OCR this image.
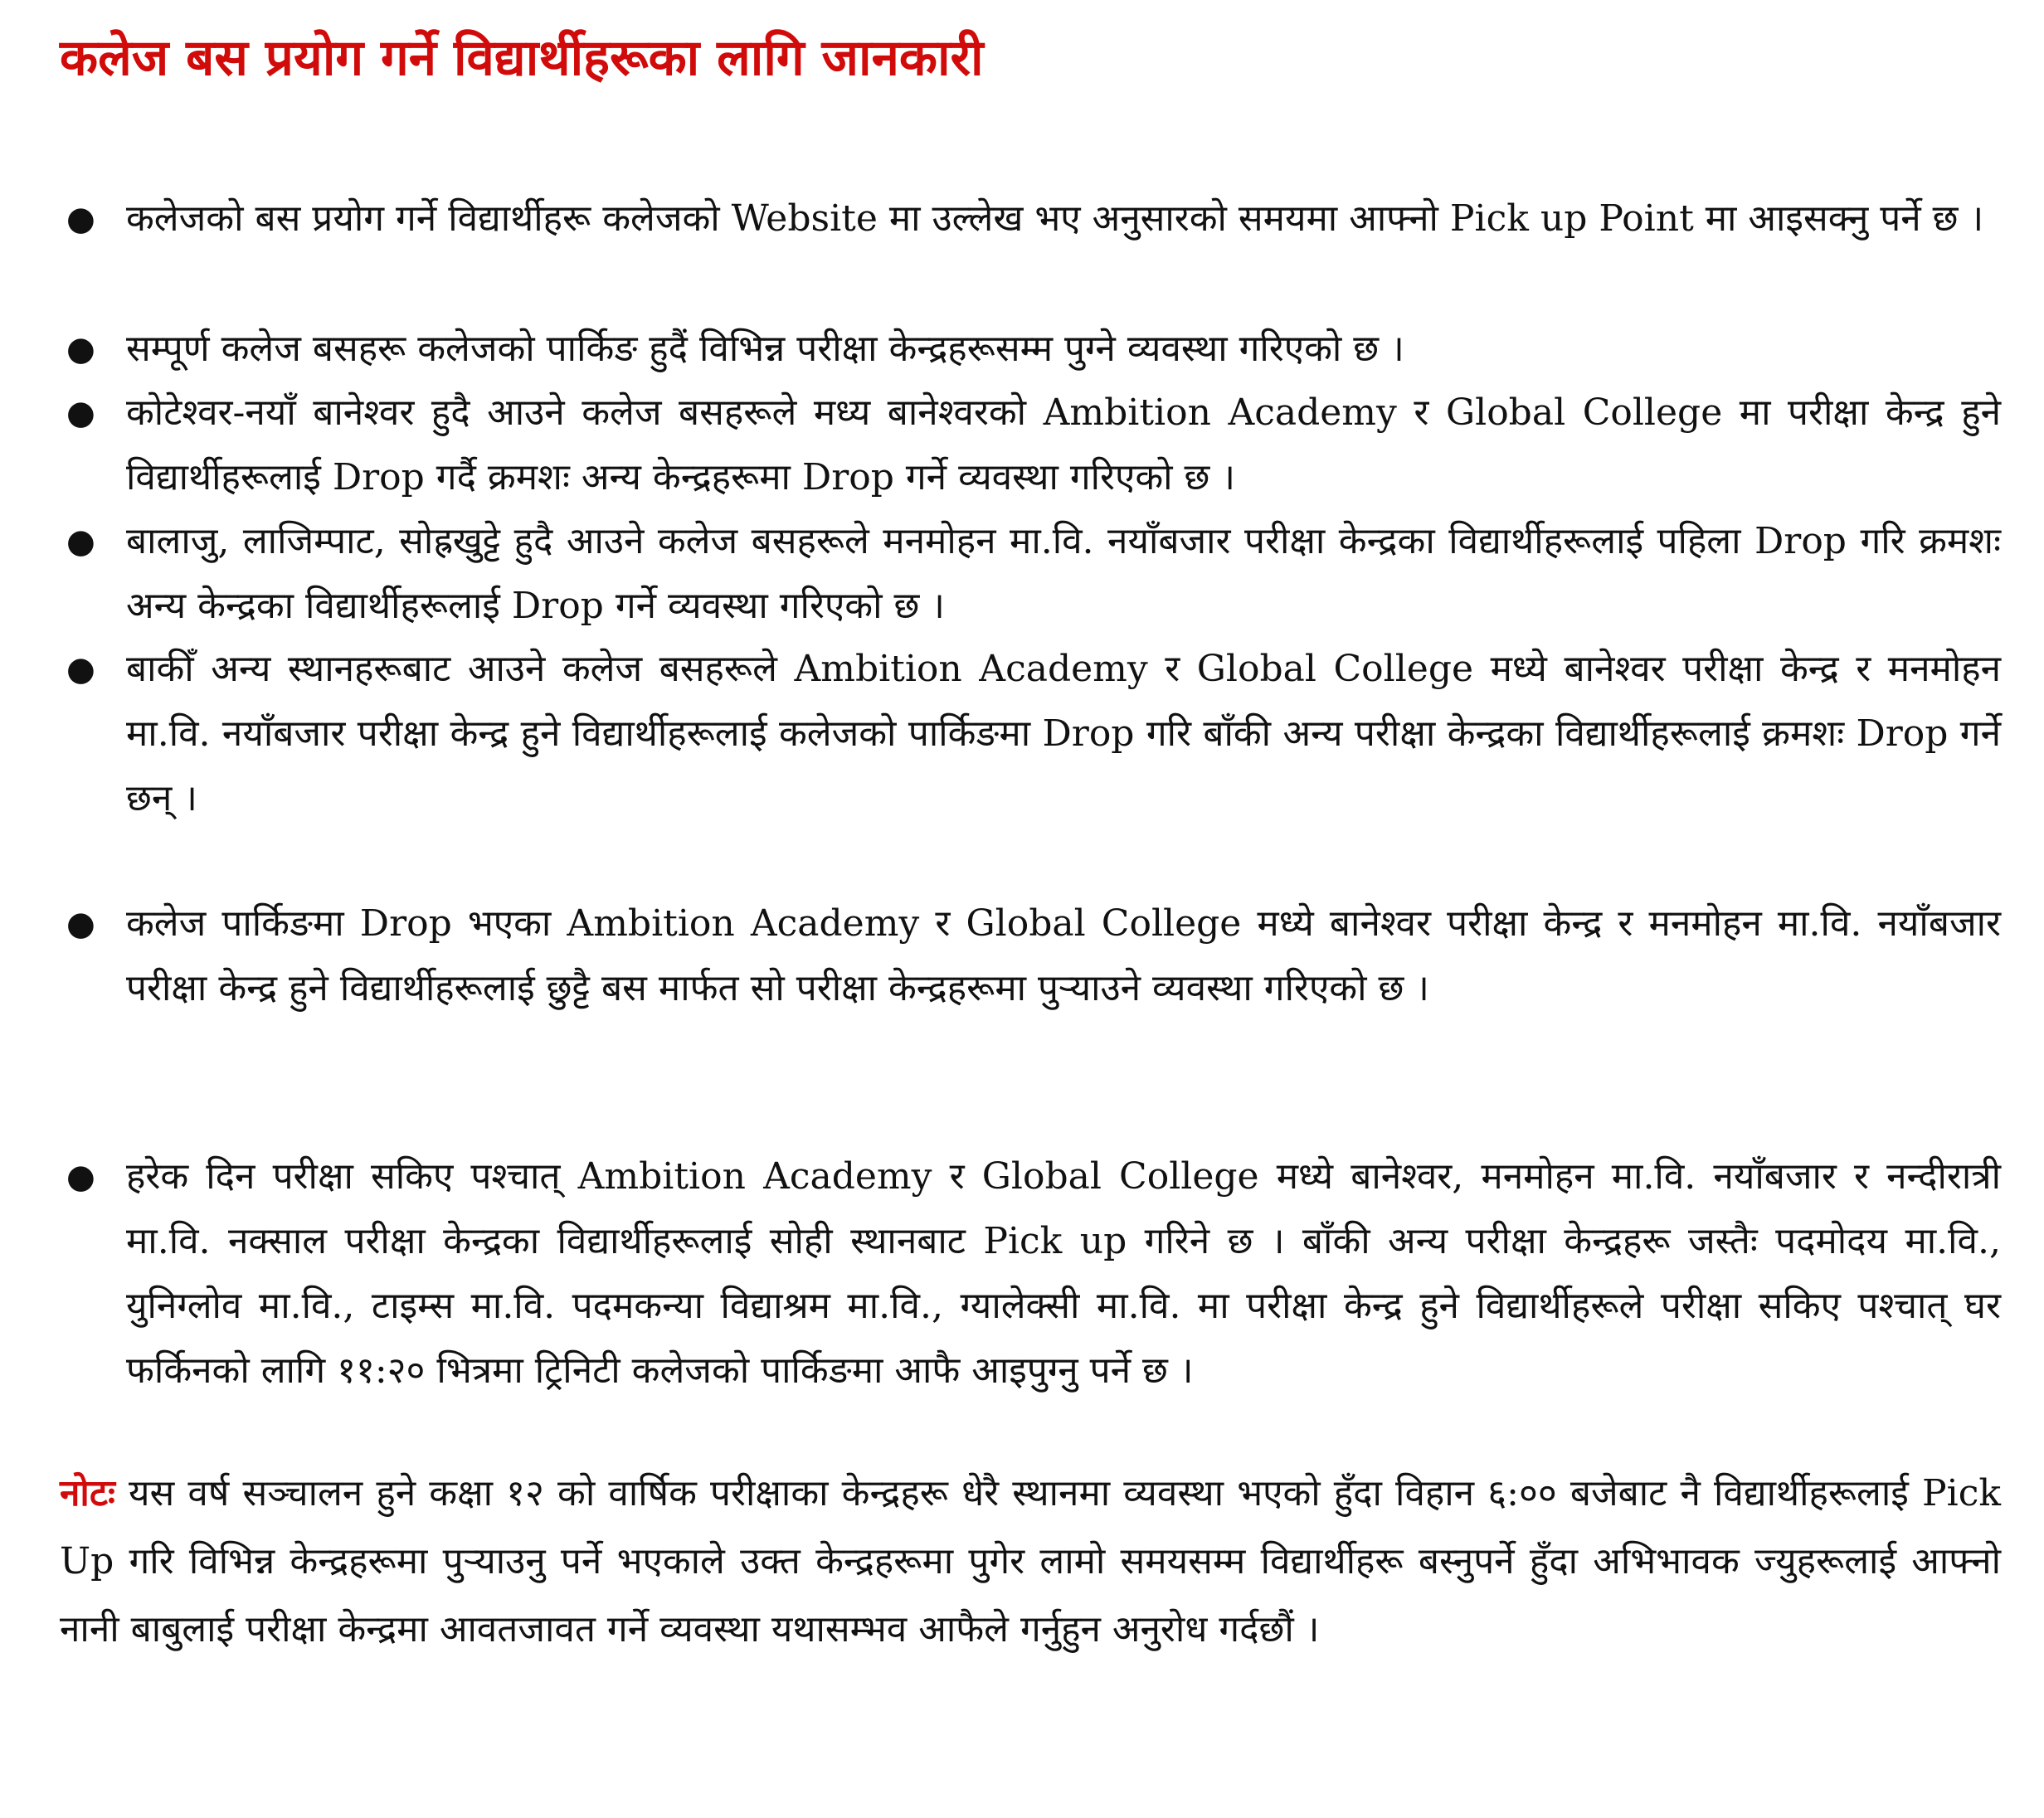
कलेज बस प्रयोग गर्ने विद्यार्थीहरूका लागि जानकारी
● कलेजको बस प्रयोग गर्ने विद्यार्थीहरू कलेजको Website मा उल्लेख भए अनुसारको समयमा आफ्नो Pick up Point मा आइसक्नु पर्ने छ ।

● सम्पूर्ण कलेज बसहरू कलेजको पार्किङ हुदैं विभिन्न परीक्षा केन्द्रहरूसम्म पुग्ने व्यवस्था गरिएको छ ।

● कोटेश्वर-नयाँ बानेश्वर हुदै आउने कलेज बसहरूले मध्य बानेश्वरको Ambition Academy र Global College मा परीक्षा केन्द्र हुने विद्यार्थीहरूलाई Drop गर्दै क्रमशः अन्य केन्द्रहरूमा Drop गर्ने व्यवस्था गरिएको छ ।

● बालाजु, लाजिम्पाट, सोह्रखुट्टे हुदै आउने कलेज बसहरूले मनमोहन मा.वि. नयाँबजार परीक्षा केन्द्रका विद्यार्थीहरूलाई पहिला Drop गरि क्रमशः अन्य केन्द्रका विद्यार्थीहरूलाई Drop गर्ने व्यवस्था गरिएको छ ।

● बाकीँ अन्य स्थानहरूबाट आउने कलेज बसहरूले Ambition Academy र Global College मध्ये बानेश्वर परीक्षा केन्द्र र मनमोहन मा.वि. नयाँबजार परीक्षा केन्द्र हुने विद्यार्थीहरूलाई कलेजको पार्किङमा Drop गरि बाँकी अन्य परीक्षा केन्द्रका विद्यार्थीहरूलाई क्रमशः Drop गर्ने छन् ।

● कलेज पार्किङमा Drop भएका Ambition Academy र Global College मध्ये बानेश्वर परीक्षा केन्द्र र मनमोहन मा.वि. नयाँबजार परीक्षा केन्द्र हुने विद्यार्थीहरूलाई छुट्टै बस मार्फत सो परीक्षा केन्द्रहरूमा पुर्‍याउने व्यवस्था गरिएको छ ।

● हरेक दिन परीक्षा सकिए पश्चात् Ambition Academy र Global College मध्ये बानेश्वर, मनमोहन मा.वि. नयाँबजार र नन्दीरात्री मा.वि. नक्साल परीक्षा केन्द्रका विद्यार्थीहरूलाई सोही स्थानबाट Pick up गरिने छ । बाँकी अन्य परीक्षा केन्द्रहरू जस्तैः पदमोदय मा.वि., युनिग्लोव मा.वि., टाइम्स मा.वि. पदमकन्या विद्याश्रम मा.वि., ग्यालेक्सी मा.वि. मा परीक्षा केन्द्र हुने विद्यार्थीहरूले परीक्षा सकिए पश्चात् घर फर्किनको लागि ११:२० भित्रमा ट्रिनिटी कलेजको पार्किङमा आफै आइपुग्नु पर्ने छ ।

नोटः यस वर्ष सञ्चालन हुने कक्षा १२ को वार्षिक परीक्षाका केन्द्रहरू धेरै स्थानमा व्यवस्था भएको हुँदा विहान ६:०० बजेबाट नै विद्यार्थीहरूलाई Pick Up गरि विभिन्न केन्द्रहरूमा पुर्‍याउनु पर्ने भएकाले उक्त केन्द्रहरूमा पुगेर लामो समयसम्म विद्यार्थीहरू बस्नुपर्ने हुँदा अभिभावक ज्युहरूलाई आफ्नो नानी बाबुलाई परीक्षा केन्द्रमा आवतजावत गर्ने व्यवस्था यथासम्भव आफैले गर्नुहुन अनुरोध गर्दछौं ।
